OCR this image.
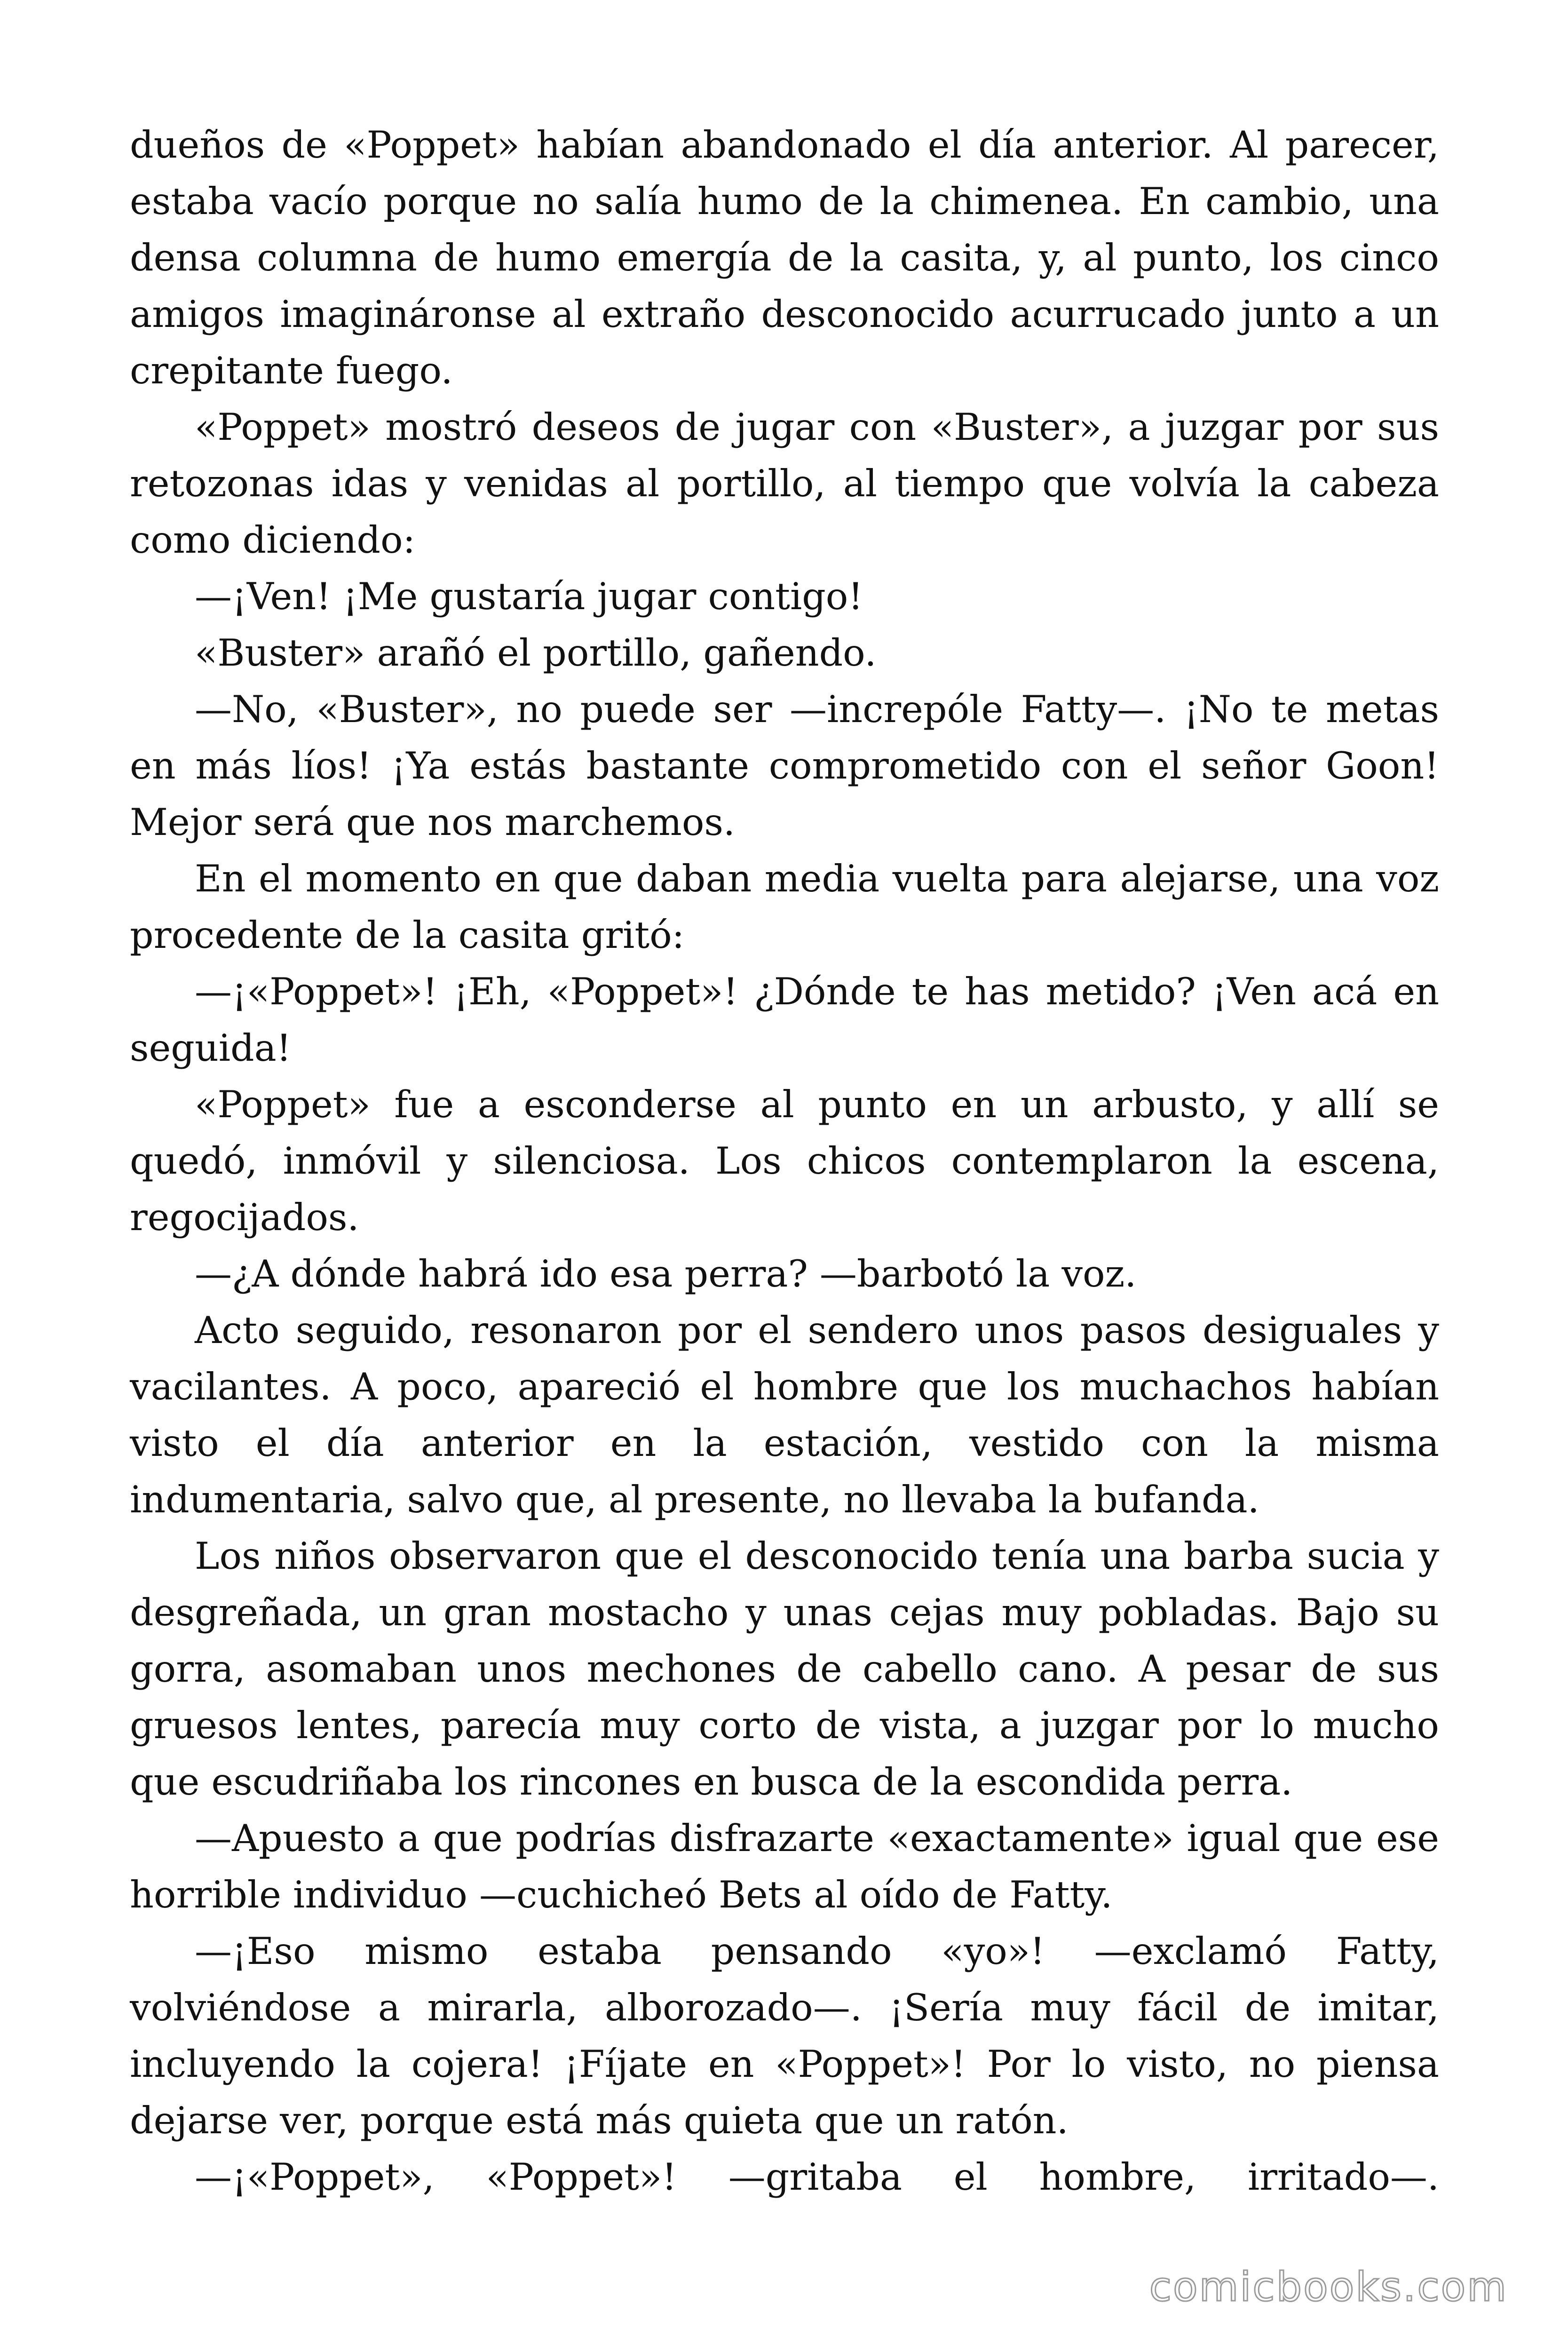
dueños de «Poppet» habían abandonado el día anterior. Al parecer, estaba vacío porque no salía humo de la chimenea. En cambio, una densa columna de humo emergía de la casita, y, al punto, los cinco amigos imagináronse al extraño desconocido acurrucado junto a un crepitante fuego.

«Poppet» mostró deseos de jugar con «Buster», a juzgar por sus retozonas idas y venidas al portillo, al tiempo que volvía la cabeza como diciendo:

—¡Ven! ¡Me gustaría jugar contigo!

«Buster» arañó el portillo, gañendo.

—No, «Buster», no puede ser —increpóle Fatty—. ¡No te metas en más líos! ¡Ya estás bastante comprometido con el señor Goon! Mejor será que nos marchemos.

En el momento en que daban media vuelta para alejarse, una voz procedente de la casita gritó:

—¡«Poppet»! ¡Eh, «Poppet»! ¿Dónde te has metido? ¡Ven acá en seguida!

«Poppet» fue a esconderse al punto en un arbusto, y allí se quedó, inmóvil y silenciosa. Los chicos contemplaron la escena, regocijados.

—¿A dónde habrá ido esa perra? —barbotó la voz.

Acto seguido, resonaron por el sendero unos pasos desiguales y vacilantes. A poco, apareció el hombre que los muchachos habían visto el día anterior en la estación, vestido con la misma indumentaria, salvo que, al presente, no llevaba la bufanda.

Los niños observaron que el desconocido tenía una barba sucia y desgreñada, un gran mostacho y unas cejas muy pobladas. Bajo su gorra, asomaban unos mechones de cabello cano. A pesar de sus gruesos lentes, parecía muy corto de vista, a juzgar por lo mucho que escudriñaba los rincones en busca de la escondida perra.

—Apuesto a que podrías disfrazarte «exactamente» igual que ese horrible individuo —cuchicheó Bets al oído de Fatty.

—¡Eso mismo estaba pensando «yo»! —exclamó Fatty, volviéndose a mirarla, alborozado—. ¡Sería muy fácil de imitar, incluyendo la cojera! ¡Fíjate en «Poppet»! Por lo visto, no piensa dejarse ver, porque está más quieta que un ratón.

—¡«Poppet», «Poppet»! —gritaba el hombre, irritado—.

comicbooks.com
